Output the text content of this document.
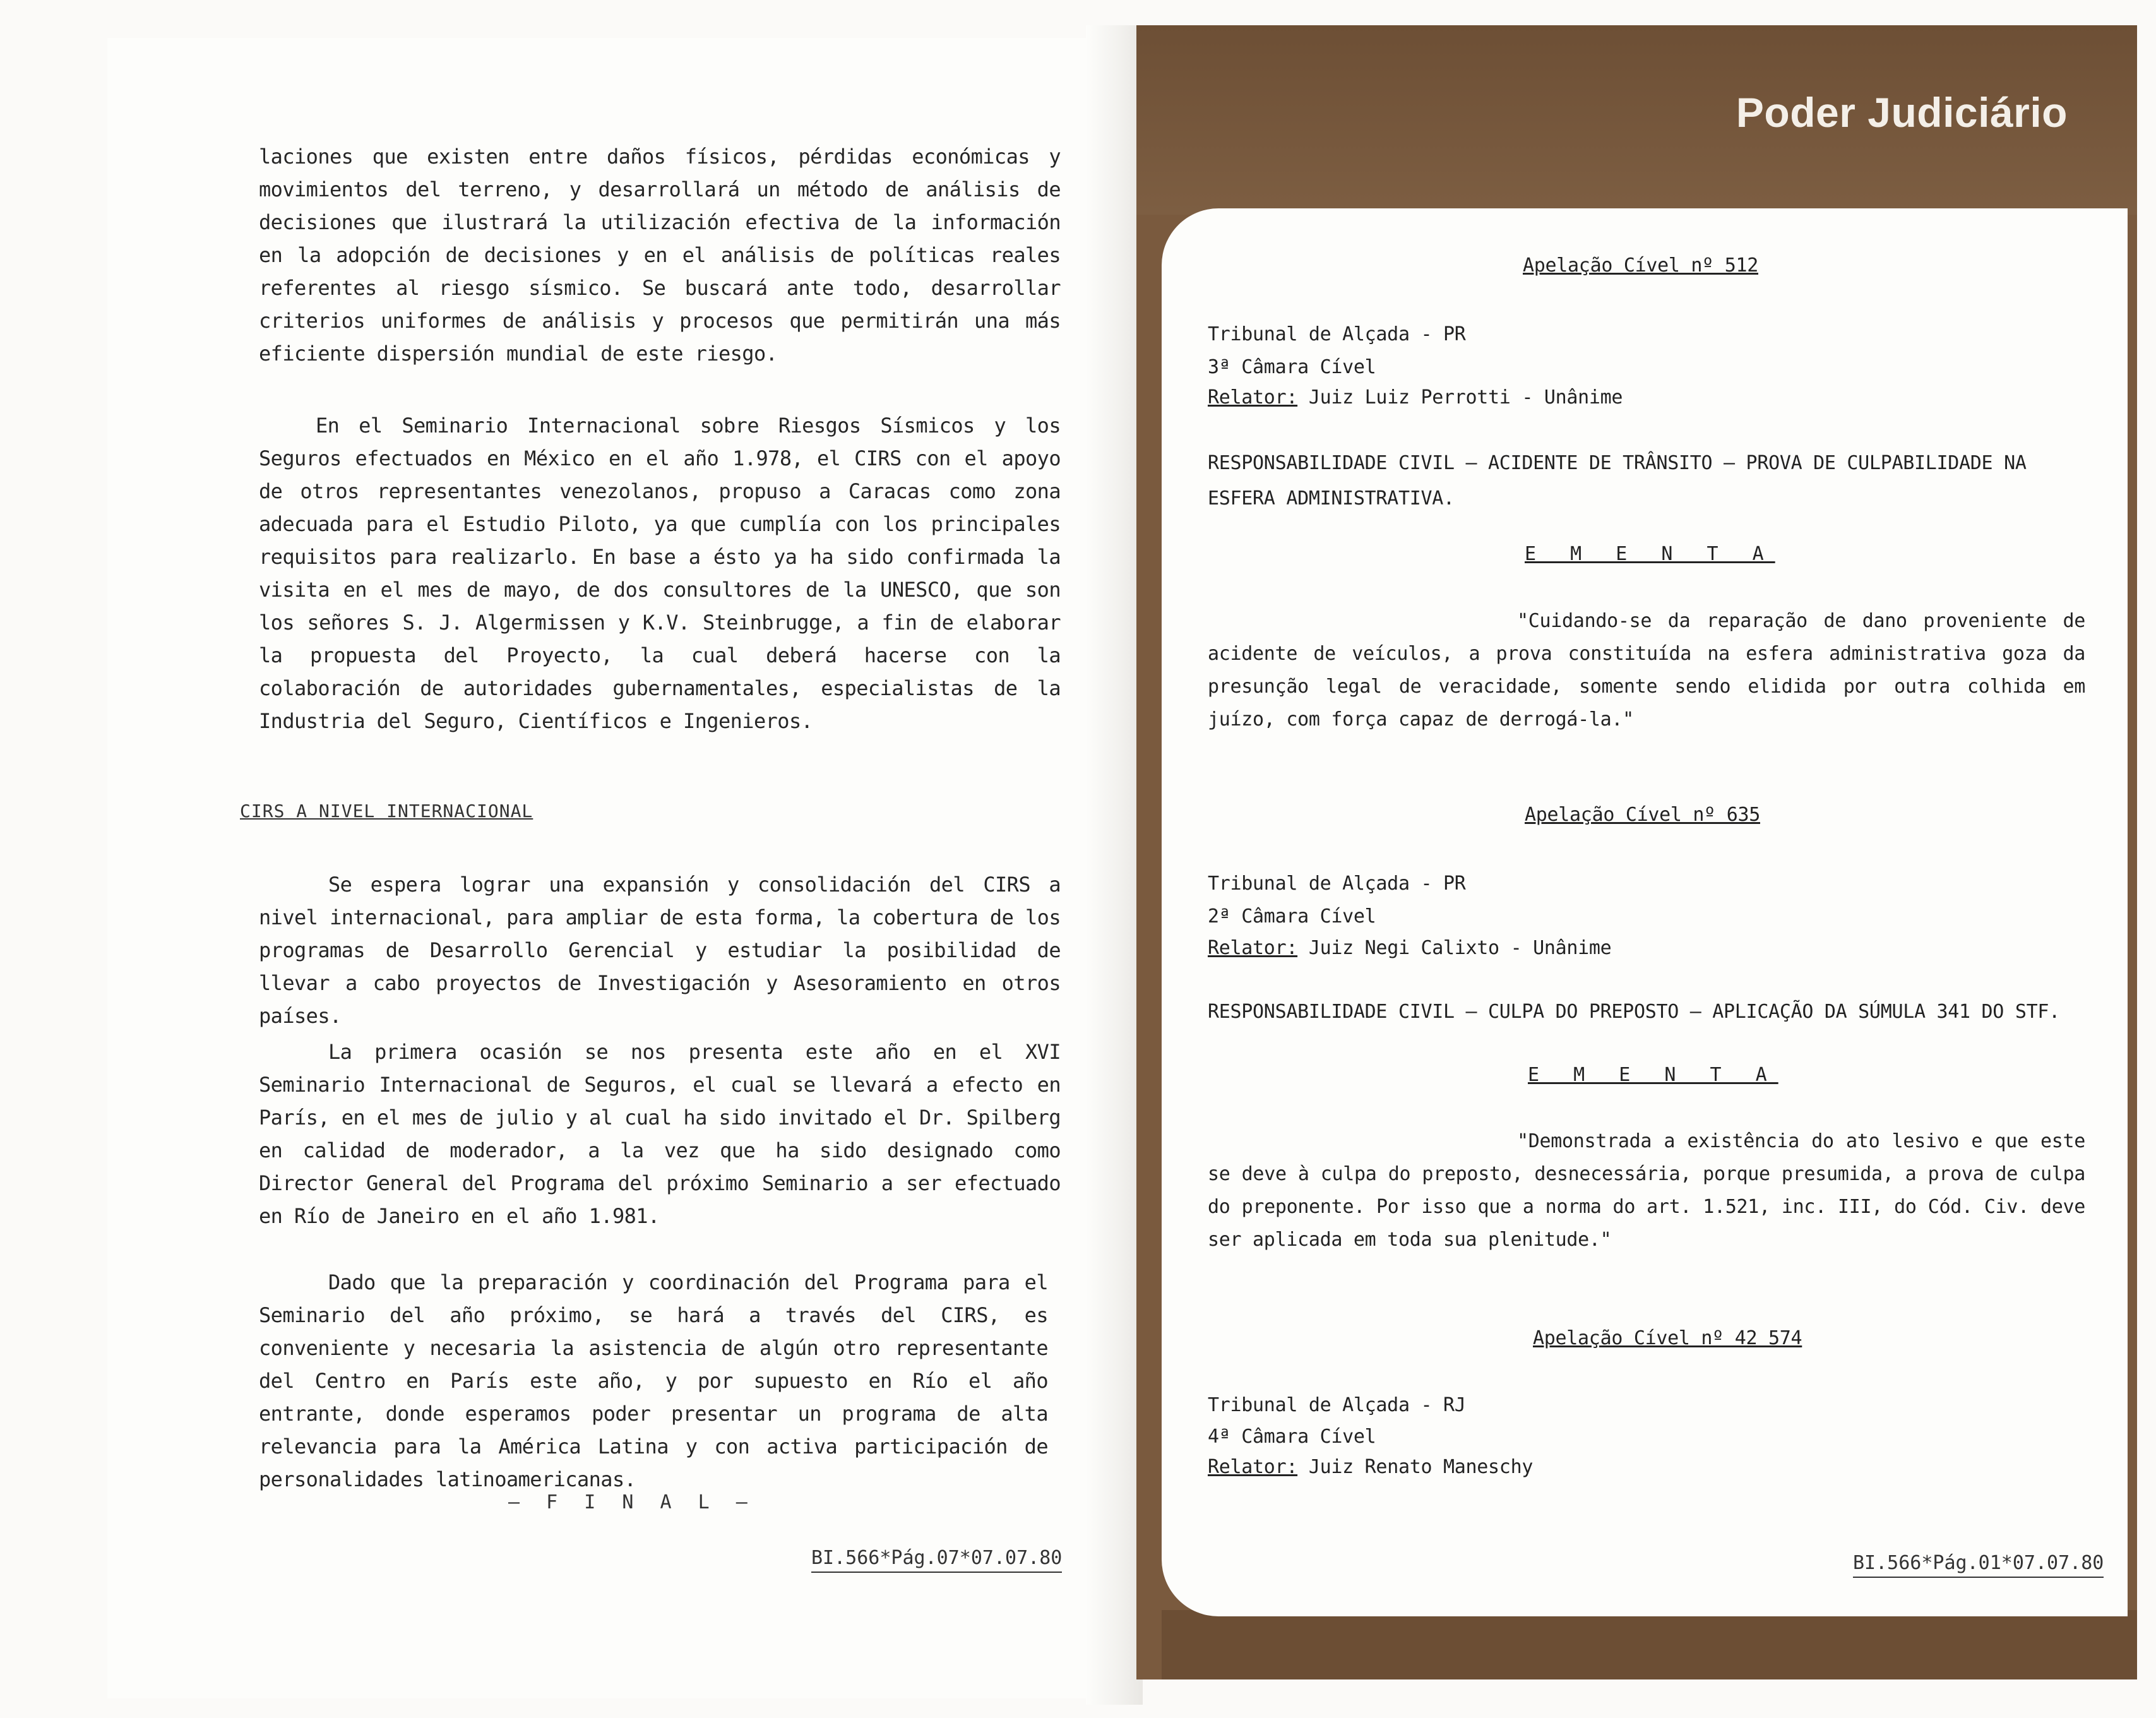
laciones que existen entre daños físicos, pérdidas económicas y movimientos del terreno, y desarrollará un método de análisis de decisiones que ilustrará la utilización efectiva de la información en la adopción de decisiones y en el análisis de políticas reales referentes al riesgo sísmico. Se buscará ante todo, desarrollar criterios uniformes de análisis y procesos que permitirán una más eficiente dispersión mundial de este riesgo.

En el Seminario Internacional sobre Riesgos Sísmicos y los Seguros efectuados en México en el año 1.978, el CIRS con el apoyo de otros representantes venezolanos, propuso a Caracas como zona adecuada para el Estudio Piloto, ya que cumplía con los principales requisitos para realizarlo. En base a ésto ya ha sido confirmada la visita en el mes de mayo, de dos consultores de la UNESCO, que son los señores S. J. Algermissen y K.V. Steinbrugge, a fin de elaborar la propuesta del Proyecto, la cual deberá hacerse con la colaboración de autoridades gubernamentales, especialistas de la Industria del Seguro, Científicos e Ingenieros.

CIRS A NIVEL INTERNACIONAL

Se espera lograr una expansión y consolidación del CIRS a nivel internacional, para ampliar de esta forma, la cobertura de los programas de Desarrollo Gerencial y estudiar la posibilidad de llevar a cabo proyectos de Investigación y Asesoramiento en otros países.

La primera ocasión se nos presenta este año en el XVI Seminario Internacional de Seguros, el cual se llevará a efecto en París, en el mes de julio y al cual ha sido invitado el Dr. Spilberg en calidad de moderador, a la vez que ha sido designado como Director General del Programa del próximo Seminario a ser efectuado en Río de Janeiro en el año 1.981.

Dado que la preparación y coordinación del Programa para el Seminario del año próximo, se hará a través del CIRS, es conveniente y necesaria la asistencia de algún otro representante del Centro en París este año, y por supuesto en Río el año entrante, donde esperamos poder presentar un programa de alta relevancia para la América Latina y con activa participación de personalidades latinoamericanas.

— F I N A L —
BI.566*Pág.07*07.07.80
Poder Judiciário
Apelação Cível nº 512
Tribunal de Alçada - PR
3ª Câmara Cível
Relator: Juiz Luiz Perrotti - Unânime
RESPONSABILIDADE CIVIL — ACIDENTE DE TRÂNSITO — PROVA DE CULPABILIDADE NA ESFERA ADMINISTRATIVA.
E M E N T A
"Cuidando-se da reparação de dano proveniente de acidente de veículos, a prova constituída na esfera administrativa goza da presunção legal de veracidade, somente sendo elidida por outra colhida em juízo, com força capaz de derrogá-la."
Apelação Cível nº 635
Tribunal de Alçada - PR
2ª Câmara Cível
Relator: Juiz Negi Calixto - Unânime
RESPONSABILIDADE CIVIL — CULPA DO PREPOSTO — APLICAÇÃO DA SÚMULA 341 DO STF.
E M E N T A
"Demonstrada a existência do ato lesivo e que este se deve à culpa do preposto, desnecessária, porque presumida, a prova de culpa do preponente. Por isso que a norma do art. 1.521, inc. III, do Cód. Civ. deve ser aplicada em toda sua plenitude."
Apelação Cível nº 42 574
Tribunal de Alçada - RJ
4ª Câmara Cível
Relator: Juiz Renato Maneschy
BI.566*Pág.01*07.07.80
